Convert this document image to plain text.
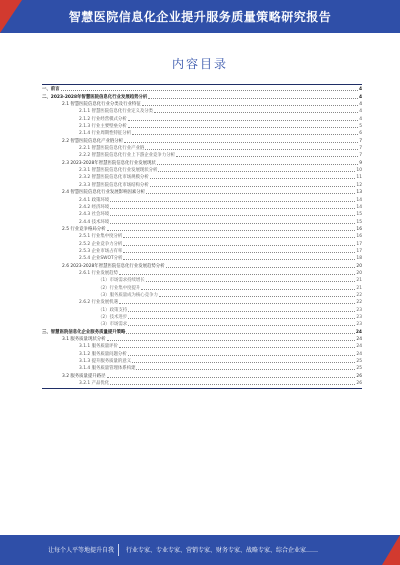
智慧医院信息化企业提升服务质量策略研究报告
内容目录
一、前言	4
二、2023-2028年智慧医院信息化行业发展趋势分析	4
2.1 智慧医院信息化行业分类及行业特征	4
2.1.1 智慧医院信息化行业定义及分类	4
2.1.2 行业经营模式分析	4
2.1.3 行业主要壁垒分析	5
2.1.4 行业周期性特征分析	6
2.2 智慧医院信息化产业链分析	7
2.2.1 智慧医院信息化行业产业链	7
2.2.2 智慧医院信息化行业上下游企业竞争力分析	7
2.3 2023-2028年智慧医院信息化行业发展现状	9
2.3.1 智慧医院信息化行业发展现状分析	10
2.3.2 智慧医院信息化市场规模分析	11
2.3.3 智慧医院信息化市场结构分析	12
2.4 智慧医院信息化行业发展影响因素分析	13
2.4.1 政策环境	14
2.4.2 经济环境	14
2.4.3 社会环境	15
2.4.4 技术环境	15
2.5 行业竞争格局分析	16
2.5.1 行业集中度分析	16
2.5.2 企业竞争力分析	17
2.5.3 企业市场占有率	17
2.5.4 企业SWOT分析	18
2.6 2023-2028年智慧医院信息化行业发展趋势分析	20
2.6.1 行业发展趋势	20
（1）市场需求持续增长	21
（2）行业集中度提升	21
（3）服务质量成为核心竞争力	22
2.6.2 行业发展机遇	22
（1）政策支持	23
（2）技术进步	23
（3）市场需求	23
三、智慧医院信息化企业服务质量提升策略	24
3.1 服务质量现状分析	24
3.1.1 服务质量评价	24
3.1.2 服务质量问题分析	24
3.1.3 提升服务质量的意义	25
3.1.4 服务质量管理体系构建	25
3.2 服务质量提升路径	26
3.2.1 产品优化	26
让每个人平等地提升自我 行业专家、专业专家、营销专家、财务专家、战略专家、综合企业家……
